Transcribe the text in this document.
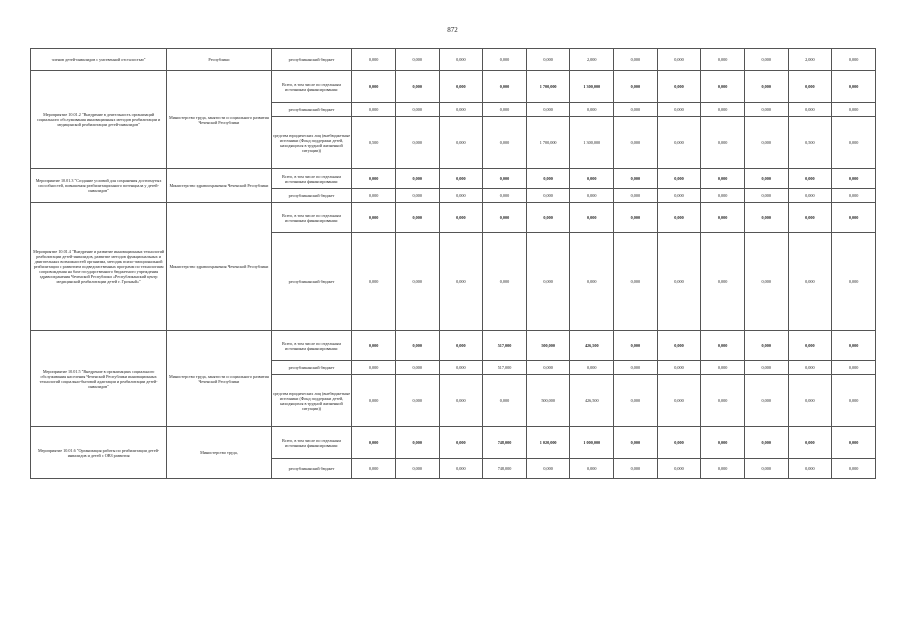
872
членов детей-инвалидов с умственной отсталостью"	Республики	республиканский бюджет	0,000	0,000	0,000	0,000	0,000	2,000	0,000	0,000	0,000	0,000	2,000	0,000
Мероприятие 10.01.2 "Внедрение в деятельность организаций социального обслуживания инновационных методов реабилитации и медицинской реабилитации детей-инвалидов"	Министерство труда, занятости и социального развития Чеченской Республики	Всего, в том числе по отдельным источникам финансирования:	0,000	0,000	0,000	0,000	1 700,000	1 300,000	0,000	0,000	0,000	0,000	0,000	0,000
		республиканский бюджет	0,000	0,000	0,000	0,000	0,000	0,000	0,000	0,000	0,000	0,000	0,000	0,000
		средства юридических лиц (внебюджетные источники (Фонд поддержки детей, находящихся в трудной жизненной ситуации))	0,500	0,000	0,000	0,000	1 700,000	1 300,000	0,000	0,000	0,000	0,000	0,500	0,000
Мероприятие 10.01.3 "Создание условий для сохранения достигнутых способностей, повышения реабилитационного потенциала у детей-инвалидов"	Министерство здравоохранения Чеченской Республики	Всего, в том числе по отдельным источникам финансирования:	0,000	0,000	0,000	0,000	0,000	0,000	0,000	0,000	0,000	0,000	0,000	0,000
		республиканский бюджет	0,000	0,000	0,000	0,000	0,000	0,000	0,000	0,000	0,000	0,000	0,000	0,000
Мероприятие 10.01.4 "Внедрение и развитие инновационных технологий реабилитации детей-инвалидов, развитие методов функциональных и двигательных возможностей организма, методик психо-эмоциональной реабилитации с развитием подведомственных программ по технологиям сопровождения на базе государственного бюджетного учреждения здравоохранения Чеченской Республики «Республиканский центр медицинской реабилитации детей г. Грозный»"	Министерство здравоохранения Чеченской Республики	Всего, в том числе по отдельным источникам финансирования:	0,000	0,000	0,000	0,000	0,000	0,000	0,000	0,000	0,000	0,000	0,000	0,000
		республиканский бюджет	0,000	0,000	0,000	0,000	0,000	0,000	0,000	0,000	0,000	0,000	0,000	0,000
Мероприятие 10.01.5 "Внедрение в организациях социального обслуживания населения Чеченской Республики инновационных технологий социально-бытовой адаптации и реабилитации детей-инвалидов"	Министерство труда, занятости и социального развития Чеченской Республики	Всего, в том числе по отдельным источникам финансирования:	0,000	0,000	0,000	517,000	500,000	426,500	0,000	0,000	0,000	0,000	0,000	0,000
		республиканский бюджет	0,000	0,000	0,000	517,000	0,000	0,000	0,000	0,000	0,000	0,000	0,000	0,000
		средства юридических лиц (внебюджетные источники (Фонд поддержки детей, находящихся в трудной жизненной ситуации))	0,000	0,000	0,000	0,000	500,000	426,500	0,000	0,000	0,000	0,000	0,000	0,000
Мероприятие 10.01.6 "Организация работы по реабилитации детей-инвалидов и детей с ОВЗ развития	Министерство труда,	Всего, в том числе по отдельным источникам финансирования:	0,000	0,000	0,000	748,000	1 020,000	1 000,000	0,000	0,000	0,000	0,000	0,000	0,000
		республиканский бюджет	0,000	0,000	0,000	748,000	0,000	0,000	0,000	0,000	0,000	0,000	0,000	0,000
